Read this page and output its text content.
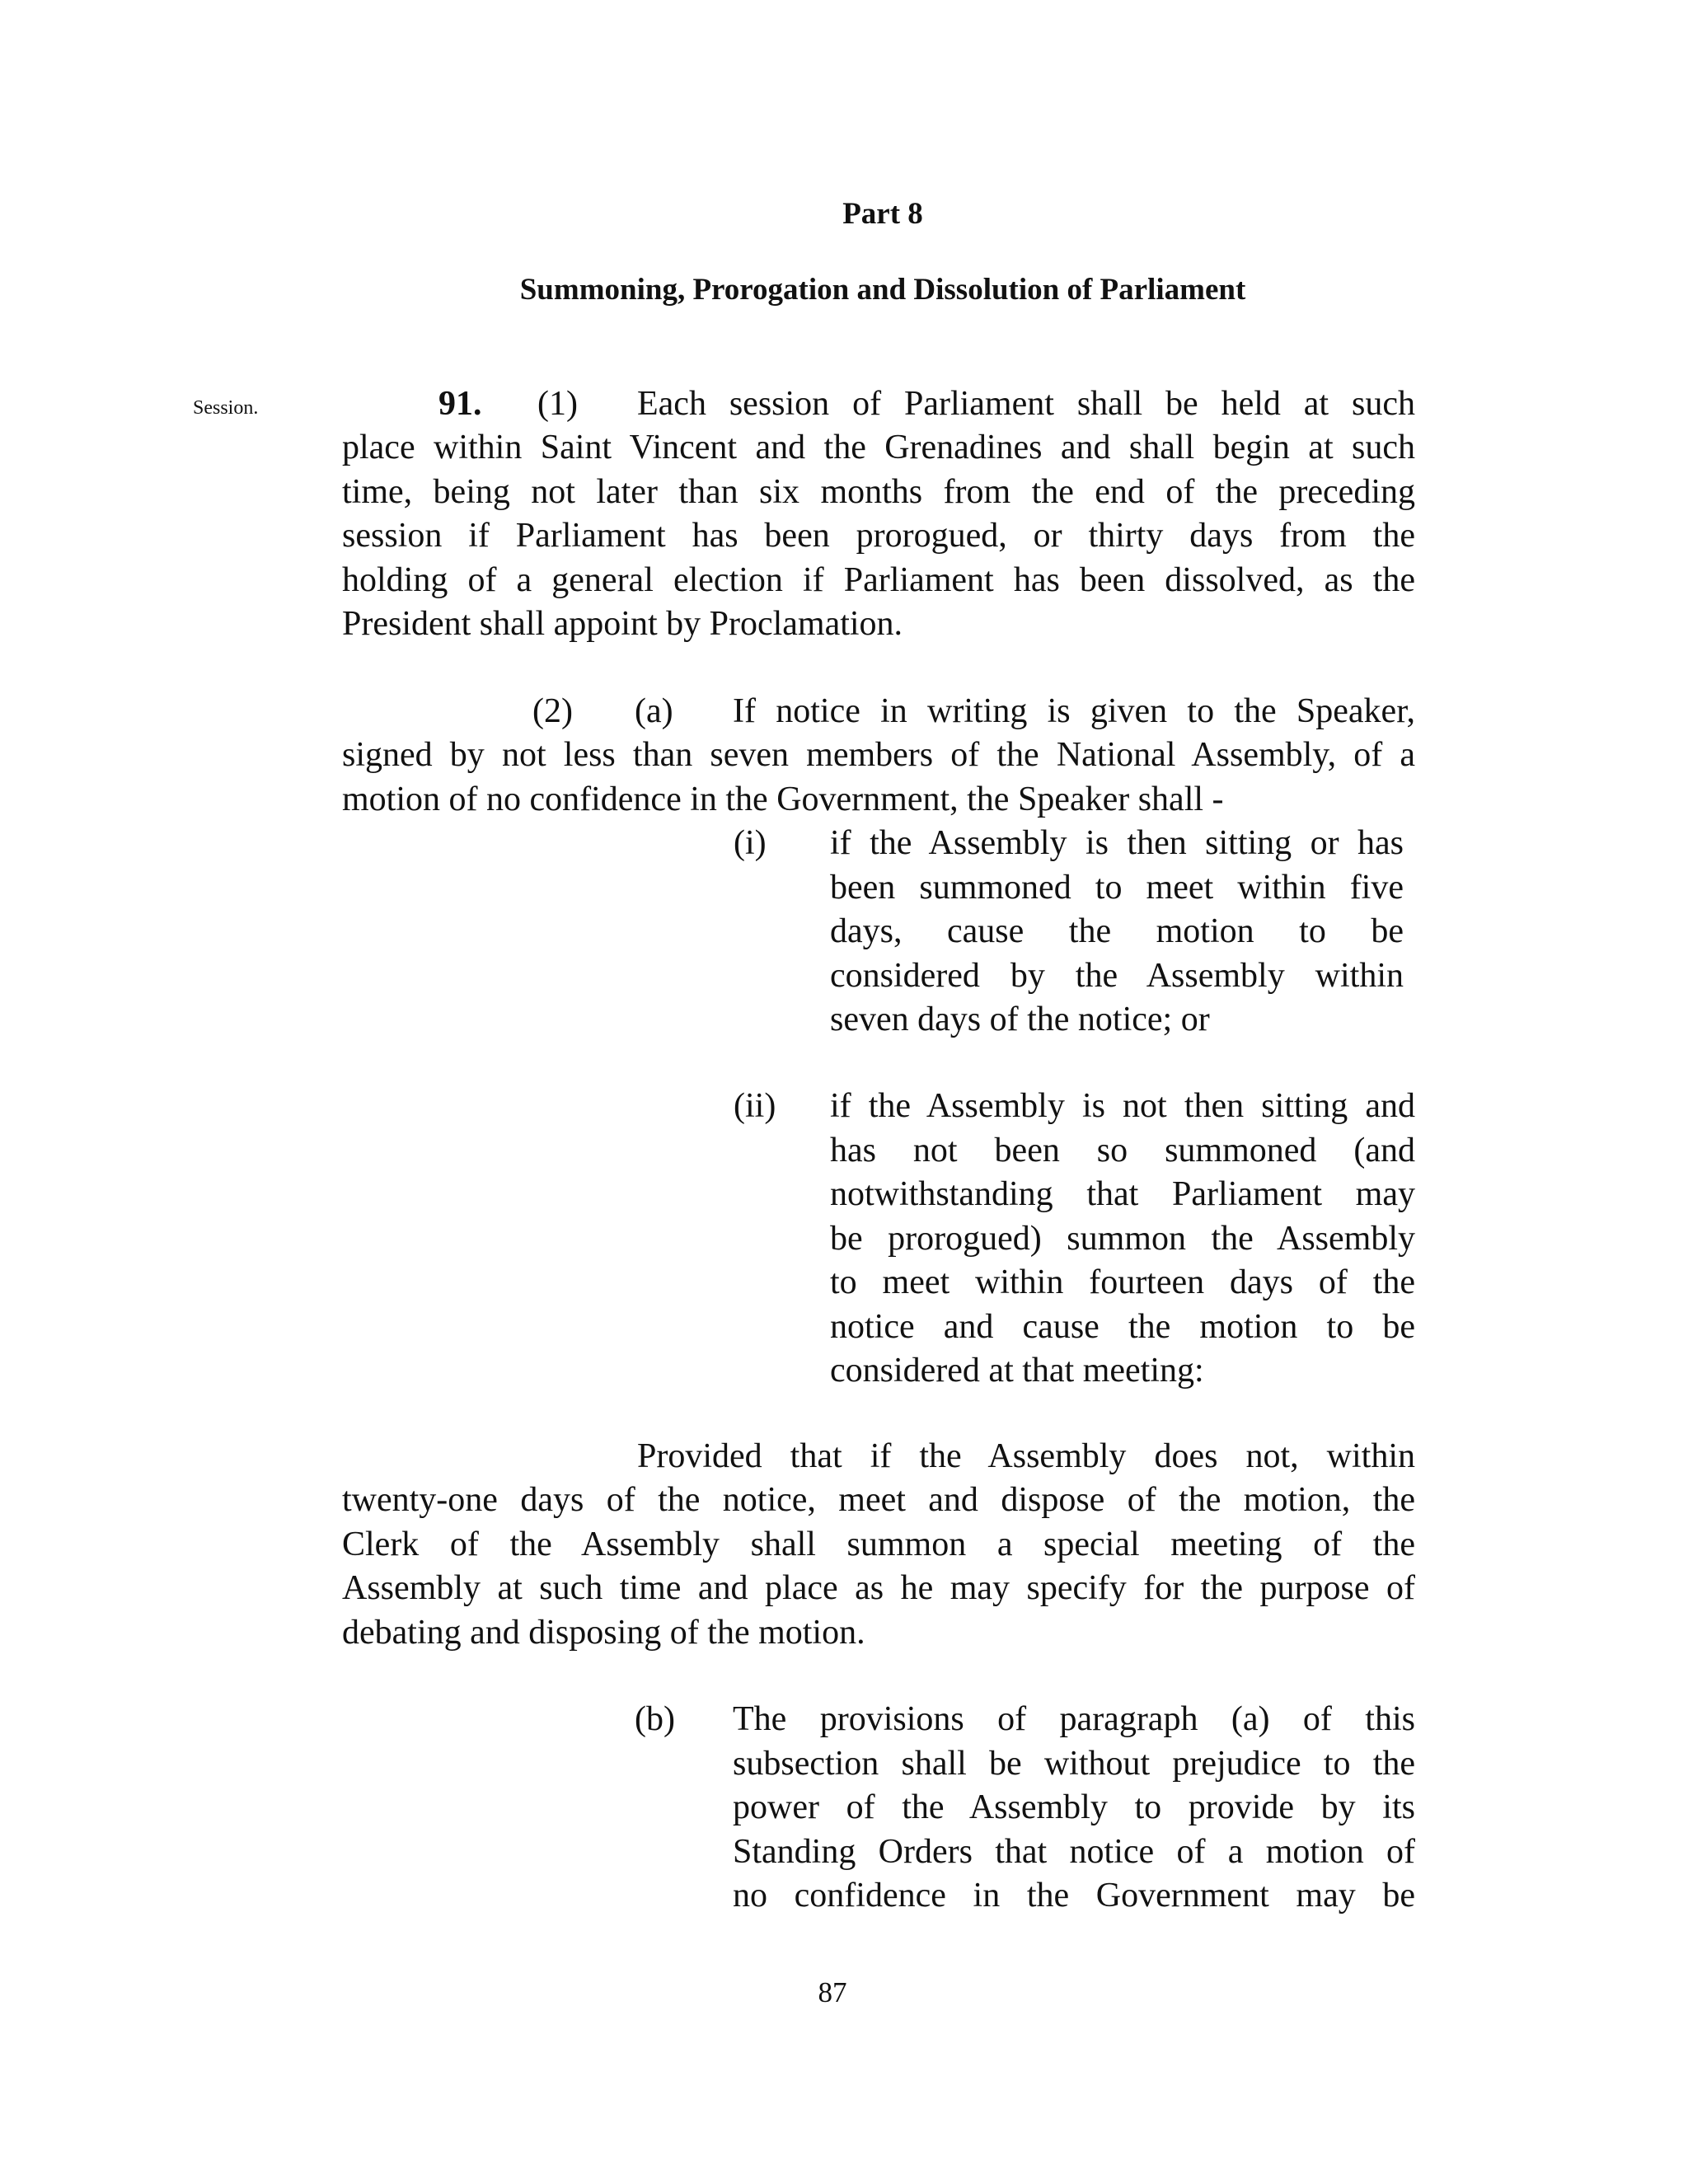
Part 8
Summoning, Prorogation and Dissolution of Parliament
Session.	91. (1) Each session of Parliament shall be held at such
place within Saint Vincent and the Grenadines and shall begin at such
time, being not later than six months from the end of the preceding
session if Parliament has been prorogued, or thirty days from the
holding of a general election if Parliament has been dissolved, as the
President shall appoint by Proclamation.
(2) (a) If notice in writing is given to the Speaker,
signed by not less than seven members of the National Assembly, of a
motion of no confidence in the Government, the Speaker shall -
(i) if the Assembly is then sitting or has
been summoned to meet within five
days, cause the motion to be
considered by the Assembly within
seven days of the notice; or
(ii) if the Assembly is not then sitting and
has not been so summoned (and
notwithstanding that Parliament may
be prorogued) summon the Assembly
to meet within fourteen days of the
notice and cause the motion to be
considered at that meeting:
Provided that if the Assembly does not, within
twenty-one days of the notice, meet and dispose of the motion, the
Clerk of the Assembly shall summon a special meeting of the
Assembly at such time and place as he may specify for the purpose of
debating and disposing of the motion.
(b) The provisions of paragraph (a) of this
subsection shall be without prejudice to the
power of the Assembly to provide by its
Standing Orders that notice of a motion of
no confidence in the Government may be
87
